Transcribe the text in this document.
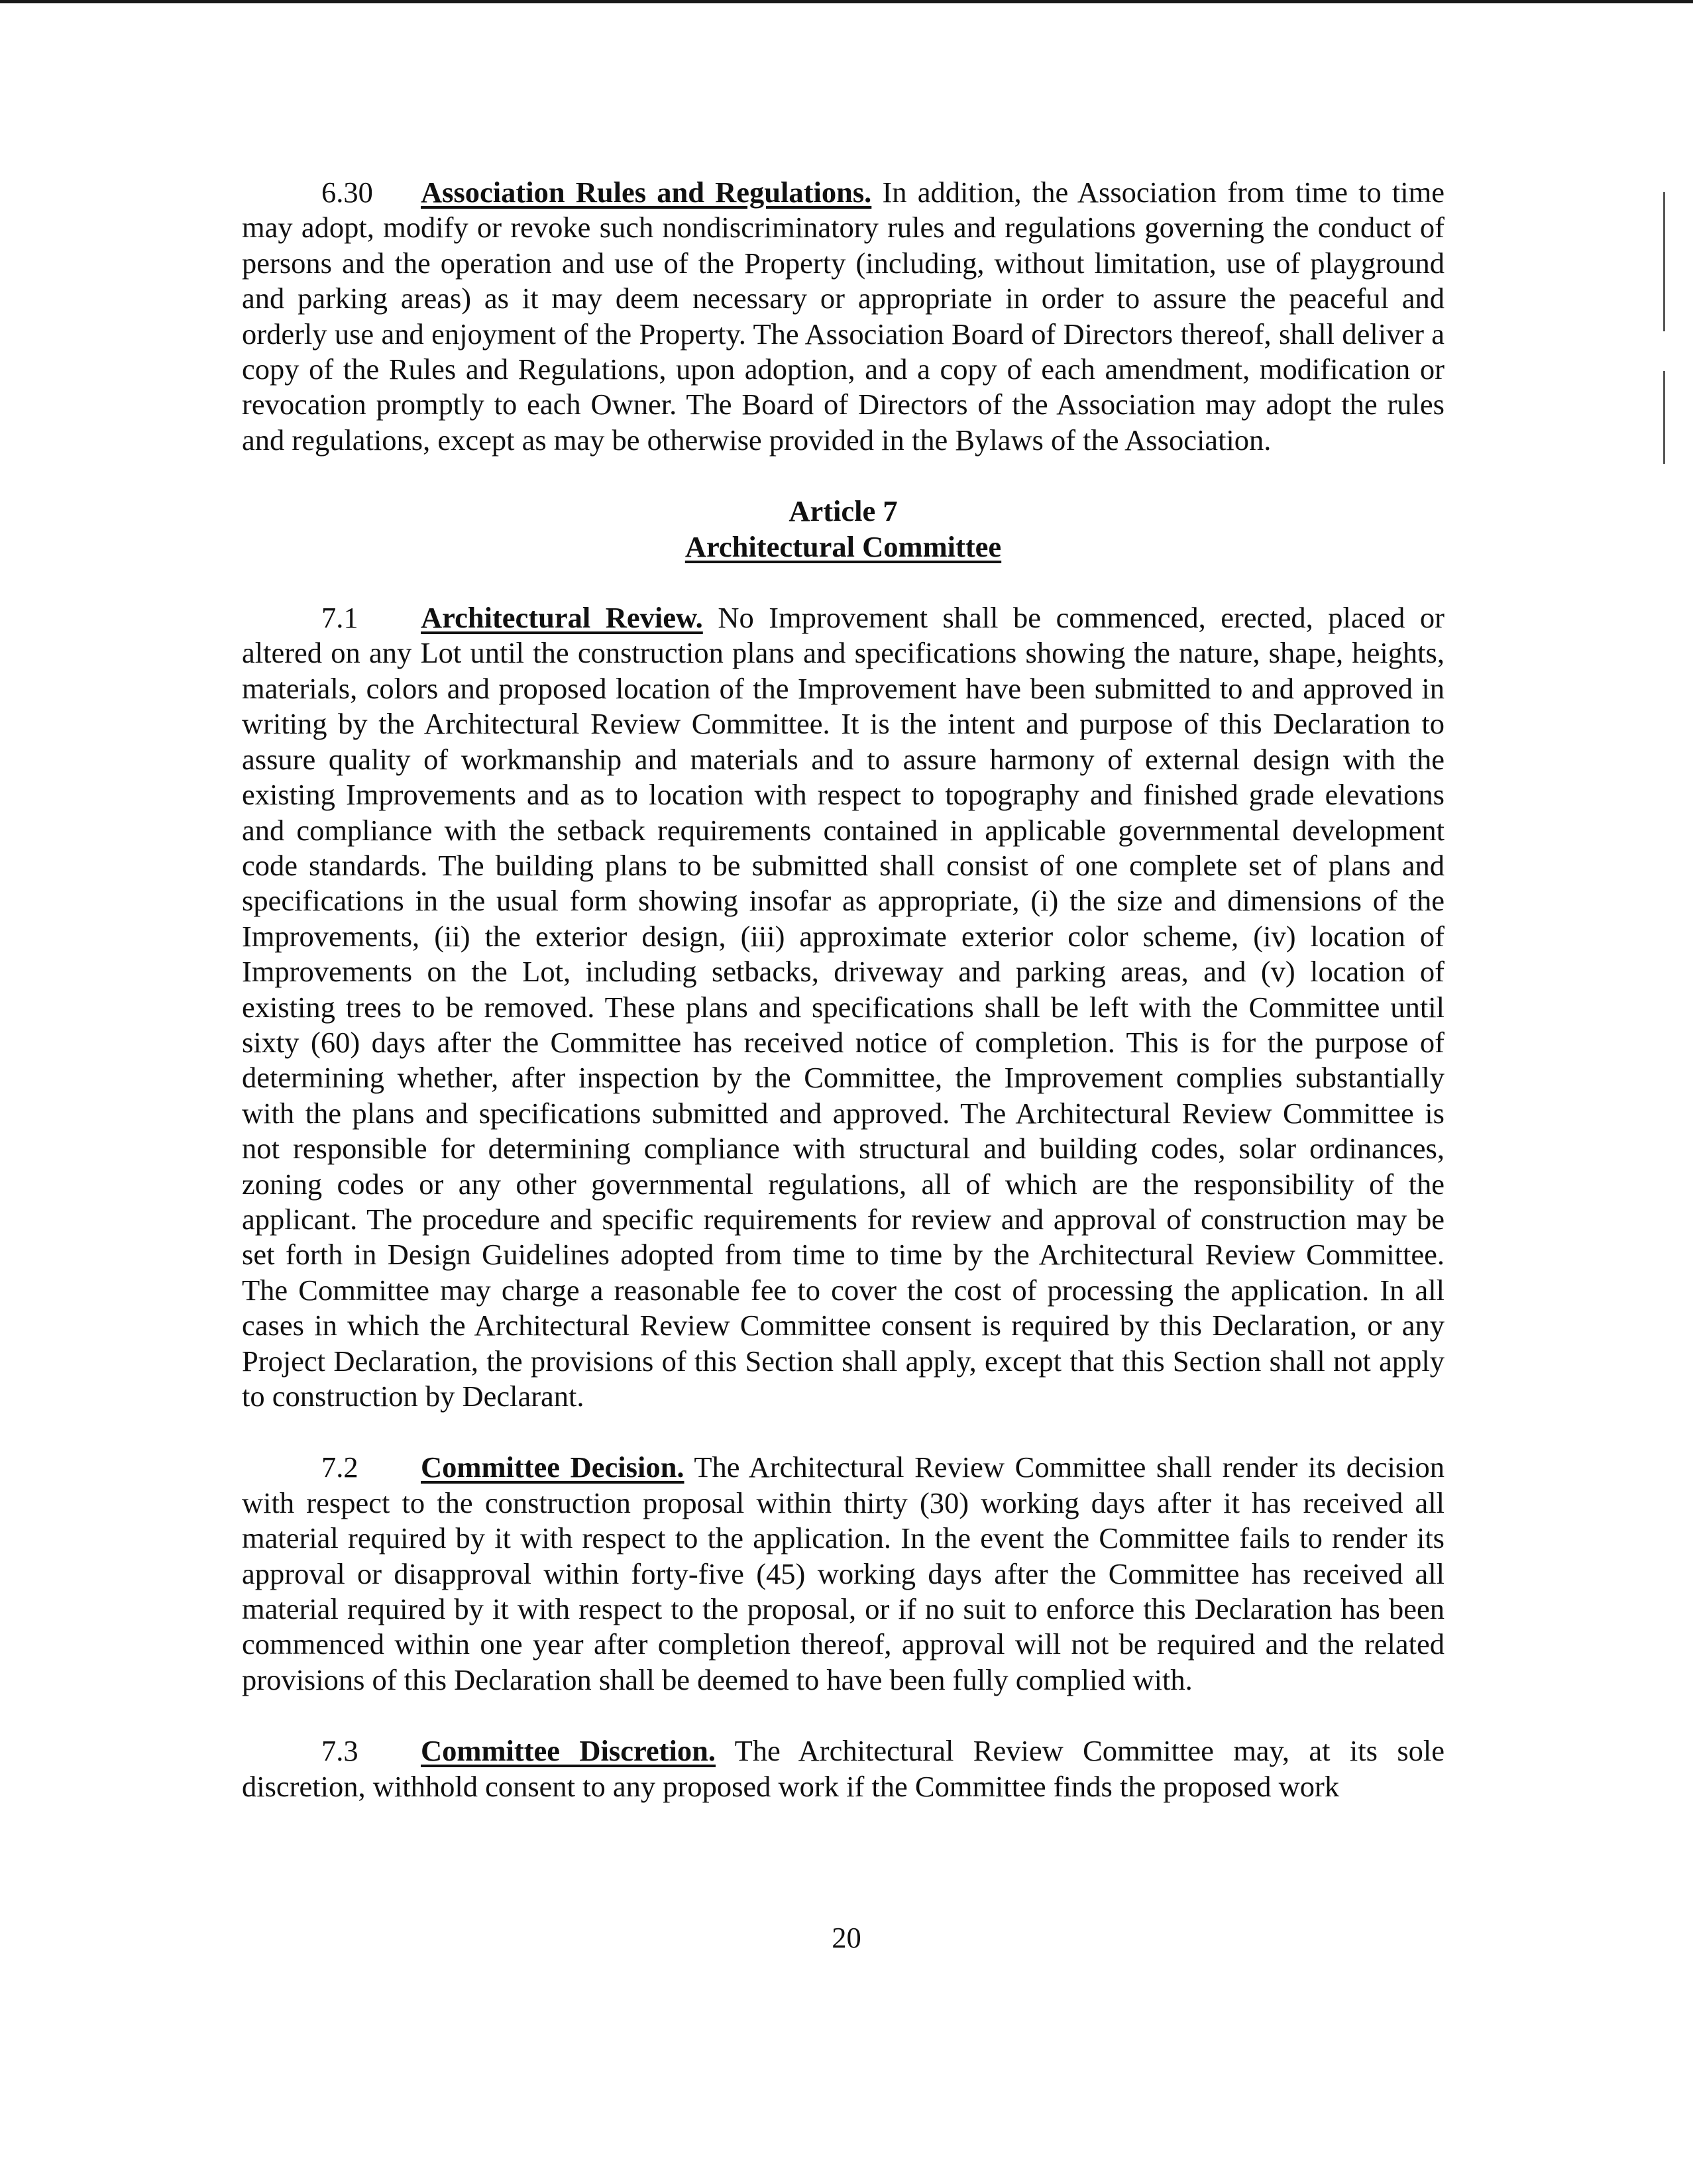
6.30 Association Rules and Regulations. In addition, the Association from time to time may adopt, modify or revoke such nondiscriminatory rules and regulations governing the conduct of persons and the operation and use of the Property (including, without limitation, use of playground and parking areas) as it may deem necessary or appropriate in order to assure the peaceful and orderly use and enjoyment of the Property. The Association Board of Directors thereof, shall deliver a copy of the Rules and Regulations, upon adoption, and a copy of each amendment, modification or revocation promptly to each Owner. The Board of Directors of the Association may adopt the rules and regulations, except as may be otherwise provided in the Bylaws of the Association.

Article 7

Architectural Committee

7.1 Architectural Review. No Improvement shall be commenced, erected, placed or altered on any Lot until the construction plans and specifications showing the nature, shape, heights, materials, colors and proposed location of the Improvement have been submitted to and approved in writing by the Architectural Review Committee. It is the intent and purpose of this Declaration to assure quality of workmanship and materials and to assure harmony of external design with the existing Improvements and as to location with respect to topography and finished grade elevations and compliance with the setback requirements contained in applicable governmental development code standards. The building plans to be submitted shall consist of one complete set of plans and specifications in the usual form showing insofar as appropriate, (i) the size and dimensions of the Improvements, (ii) the exterior design, (iii) approximate exterior color scheme, (iv) location of Improvements on the Lot, including setbacks, driveway and parking areas, and (v) location of existing trees to be removed. These plans and specifications shall be left with the Committee until sixty (60) days after the Committee has received notice of completion. This is for the purpose of determining whether, after inspection by the Committee, the Improvement complies substantially with the plans and specifications submitted and approved. The Architectural Review Committee is not responsible for determining compliance with structural and building codes, solar ordinances, zoning codes or any other governmental regulations, all of which are the responsibility of the applicant. The procedure and specific requirements for review and approval of construction may be set forth in Design Guidelines adopted from time to time by the Architectural Review Committee. The Committee may charge a reasonable fee to cover the cost of processing the application. In all cases in which the Architectural Review Committee consent is required by this Declaration, or any Project Declaration, the provisions of this Section shall apply, except that this Section shall not apply to construction by Declarant.

7.2 Committee Decision. The Architectural Review Committee shall render its decision with respect to the construction proposal within thirty (30) working days after it has received all material required by it with respect to the application. In the event the Committee fails to render its approval or disapproval within forty-five (45) working days after the Committee has received all material required by it with respect to the proposal, or if no suit to enforce this Declaration has been commenced within one year after completion thereof, approval will not be required and the related provisions of this Declaration shall be deemed to have been fully complied with.

7.3 Committee Discretion. The Architectural Review Committee may, at its sole discretion, withhold consent to any proposed work if the Committee finds the proposed work

20
